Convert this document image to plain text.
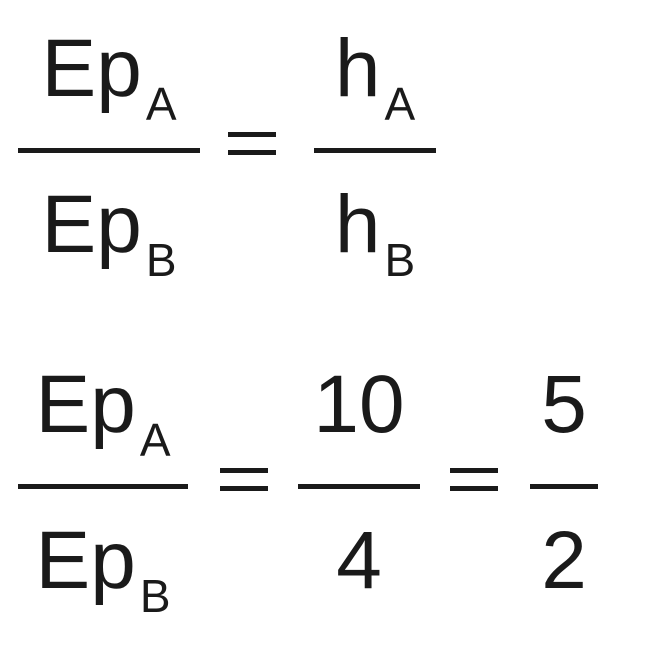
$Ep_A$
$Ep_B$
$h_A$
$h_B$
$Ep_A$
$Ep_B$
10
4
5
2
